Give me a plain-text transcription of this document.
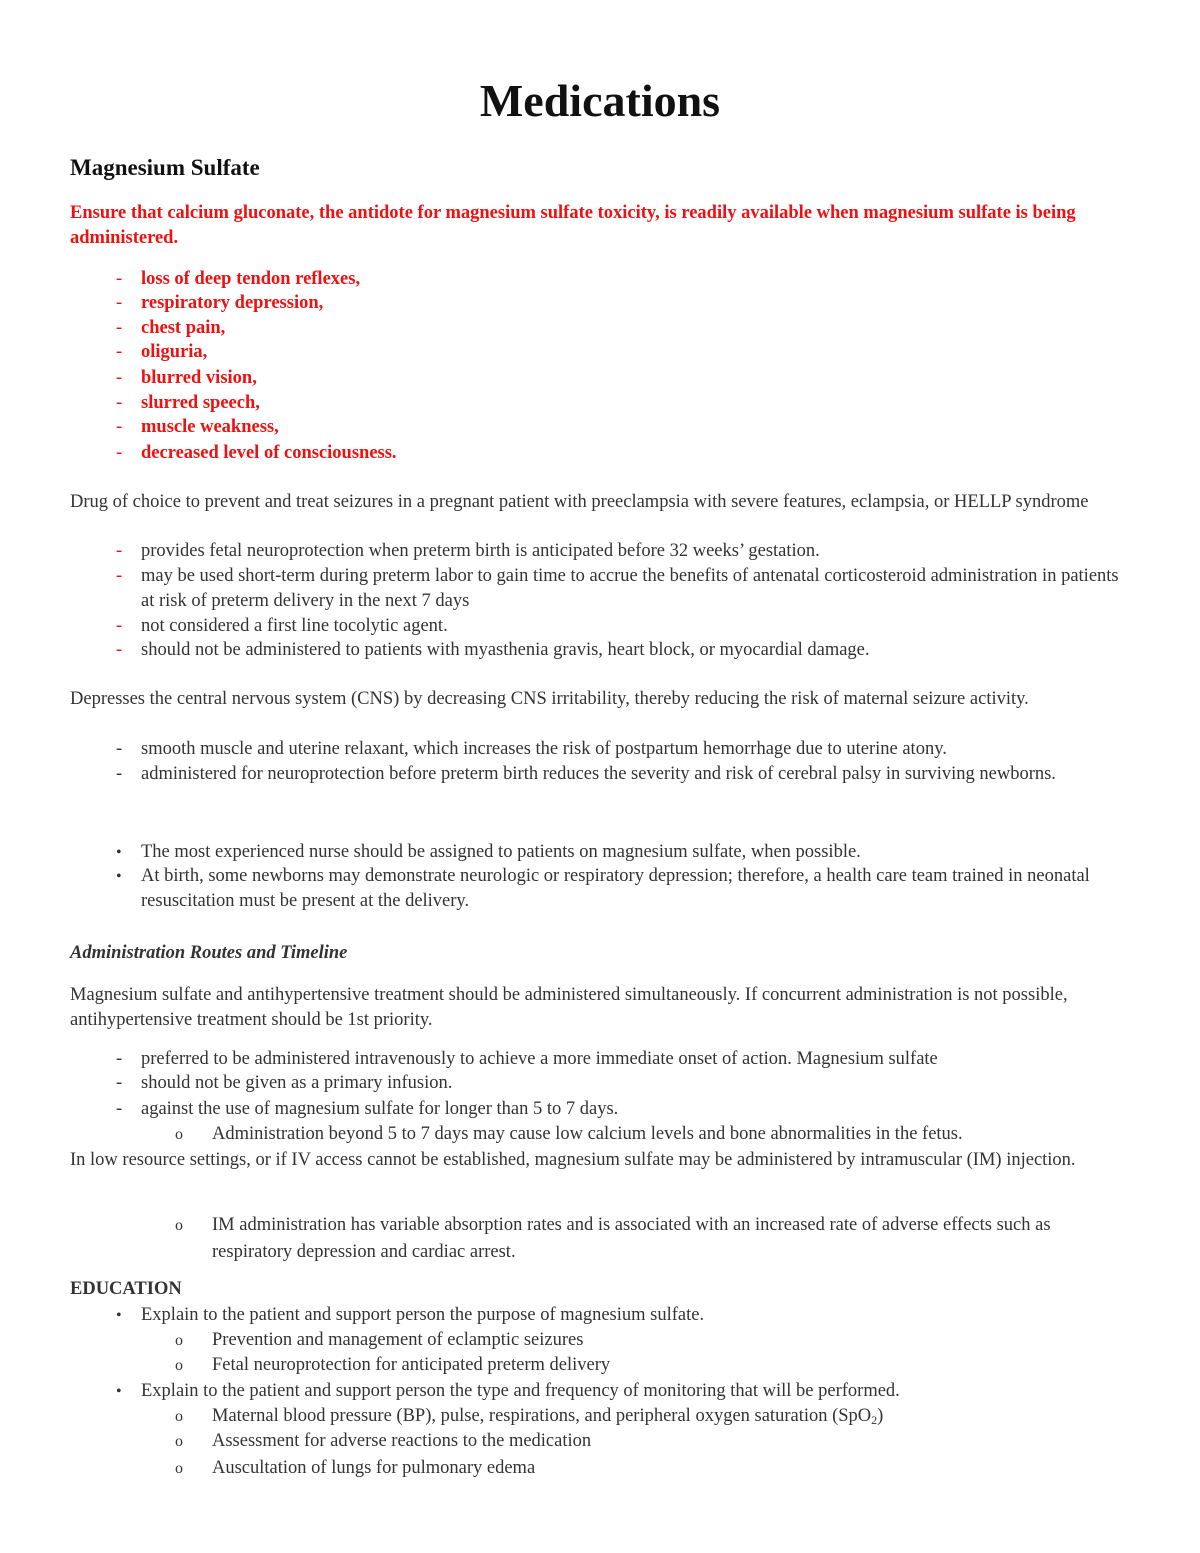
Medications
Magnesium Sulfate

Ensure that calcium gluconate, the antidote for magnesium sulfate toxicity, is readily available when magnesium sulfate is being administered.

- loss of deep tendon reflexes,
- respiratory depression,
- chest pain,
- oliguria,
- blurred vision,
- slurred speech,
- muscle weakness,
- decreased level of consciousness.

Drug of choice to prevent and treat seizures in a pregnant patient with preeclampsia with severe features, eclampsia, or HELLP syndrome

- provides fetal neuroprotection when preterm birth is anticipated before 32 weeks’ gestation.
- may be used short-term during preterm labor to gain time to accrue the benefits of antenatal corticosteroid administration in patients at risk of preterm delivery in the next 7 days
- not considered a first line tocolytic agent.
- should not be administered to patients with myasthenia gravis, heart block, or myocardial damage.

Depresses the central nervous system (CNS) by decreasing CNS irritability, thereby reducing the risk of maternal seizure activity.

- smooth muscle and uterine relaxant, which increases the risk of postpartum hemorrhage due to uterine atony.
- administered for neuroprotection before preterm birth reduces the severity and risk of cerebral palsy in surviving newborns.
• The most experienced nurse should be assigned to patients on magnesium sulfate, when possible.
• At birth, some newborns may demonstrate neurologic or respiratory depression; therefore, a health care team trained in neonatal resuscitation must be present at the delivery.

Administration Routes and Timeline

Magnesium sulfate and antihypertensive treatment should be administered simultaneously. If concurrent administration is not possible, antihypertensive treatment should be 1st priority.

- preferred to be administered intravenously to achieve a more immediate onset of action. Magnesium sulfate
- should not be given as a primary infusion.
- against the use of magnesium sulfate for longer than 5 to 7 days.
o Administration beyond 5 to 7 days may cause low calcium levels and bone abnormalities in the fetus.

In low resource settings, or if IV access cannot be established, magnesium sulfate may be administered by intramuscular (IM) injection.

o IM administration has variable absorption rates and is associated with an increased rate of adverse effects such as respiratory depression and cardiac arrest.

EDUCATION

• Explain to the patient and support person the purpose of magnesium sulfate.
o Prevention and management of eclamptic seizures
o Fetal neuroprotection for anticipated preterm delivery
• Explain to the patient and support person the type and frequency of monitoring that will be performed.
o Maternal blood pressure (BP), pulse, respirations, and peripheral oxygen saturation (SpO$_2$)
o Assessment for adverse reactions to the medication
o Auscultation of lungs for pulmonary edema
